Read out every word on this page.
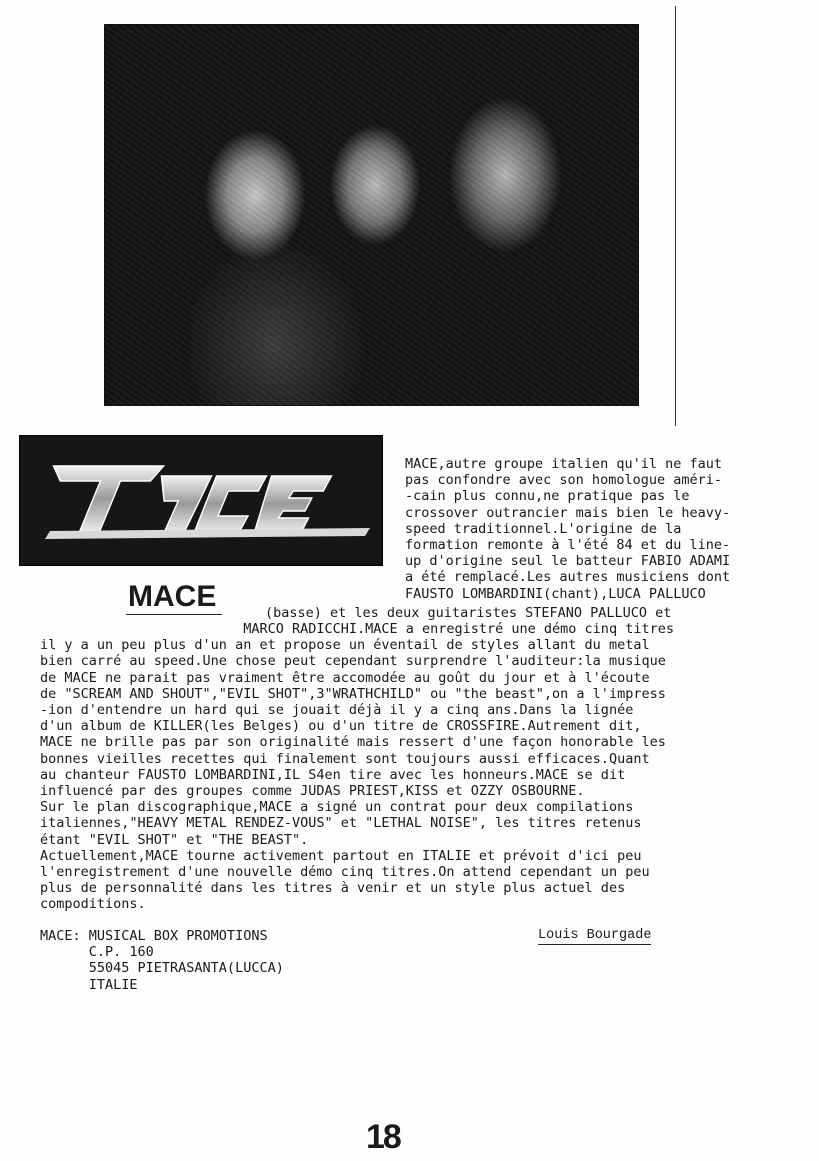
MACE
MACE,autre groupe italien qu'il ne faut
pas confondre avec son homologue améri-
-cain plus connu,ne pratique pas le
crossover outrancier mais bien le heavy-
speed traditionnel.L'origine de la
formation remonte à l'été 84 et du line-
up d'origine seul le batteur FABIO ADAMI
a été remplacé.Les autres musiciens dont
FAUSTO LOMBARDINI(chant),LUCA PALLUCO
(basse) et les deux guitaristes STEFANO PALLUCO et
MARCO RADICCHI.MACE a enregistré une démo cinq titres
il y a un peu plus d'un an et propose un éventail de styles allant du metal
bien carré au speed.Une chose peut cependant surprendre l'auditeur:la musique
de MACE ne parait pas vraiment être accomodée au goût du jour et à l'écoute
de "SCREAM AND SHOUT","EVIL SHOT",3"WRATHCHILD" ou "the beast",on a l'impress
-ion d'entendre un hard qui se jouait déjà il y a cinq ans.Dans la lignée
d'un album de KILLER(les Belges) ou d'un titre de CROSSFIRE.Autrement dit,
MACE ne brille pas par son originalité mais ressert d'une façon honorable les
bonnes vieilles recettes qui finalement sont toujours aussi efficaces.Quant
au chanteur FAUSTO LOMBARDINI,IL S4en tire avec les honneurs.MACE se dit
influencé par des groupes comme JUDAS PRIEST,KISS et OZZY OSBOURNE.
Sur le plan discographique,MACE a signé un contrat pour deux compilations
italiennes,"HEAVY METAL RENDEZ-VOUS" et "LETHAL NOISE", les titres retenus
étant "EVIL SHOT" et "THE BEAST".
Actuellement,MACE tourne activement partout en ITALIE et prévoit d'ici peu
l'enregistrement d'une nouvelle démo cinq titres.On attend cependant un peu
plus de personnalité dans les titres à venir et un style plus actuel des
compoditions.
MACE: MUSICAL BOX PROMOTIONS
C.P. 160
55045 PIETRASANTA(LUCCA)
ITALIE
Louis Bourgade
18
